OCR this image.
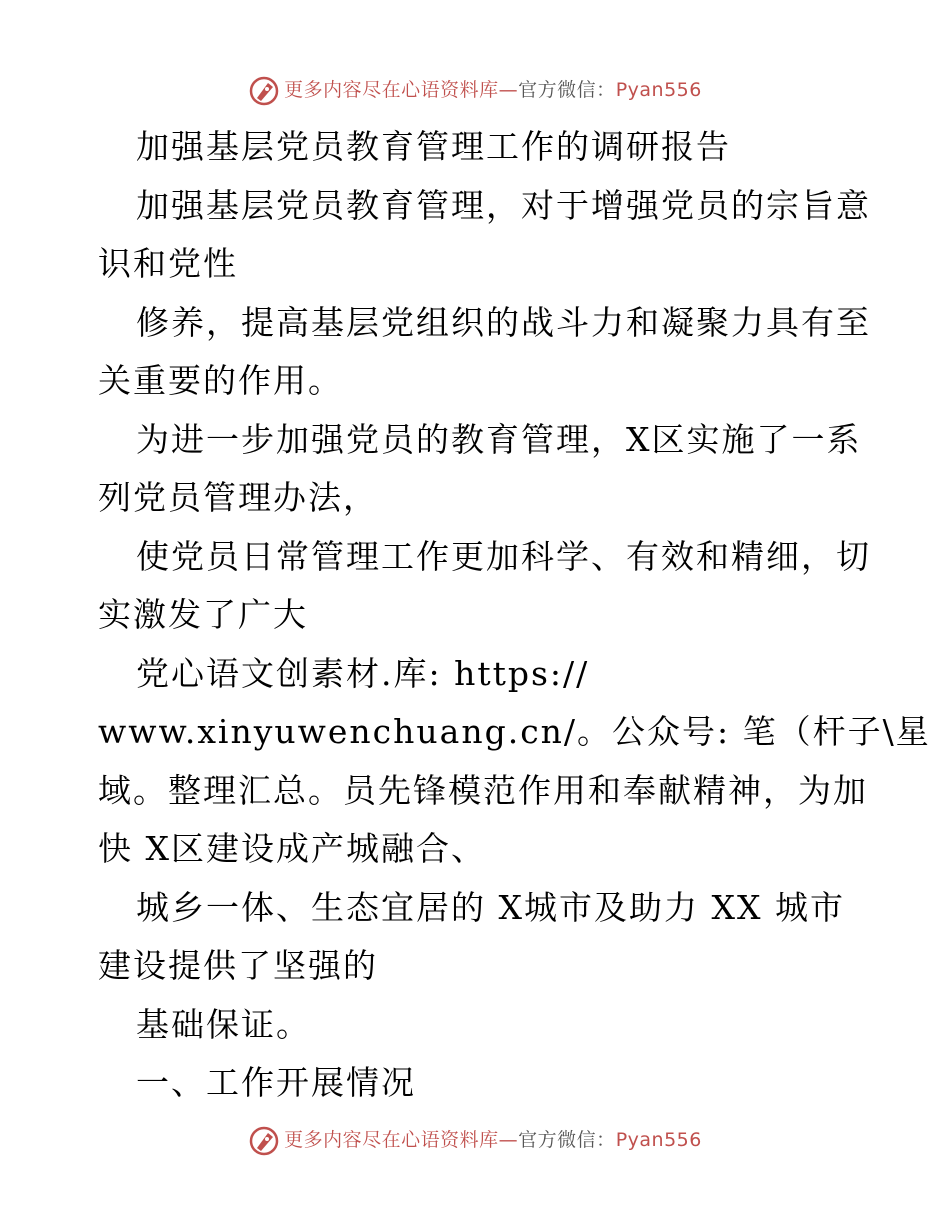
更多内容尽在心语资料库—官方微信：Pyan556
加强基层党员教育管理工作的调研报告
加强基层党员教育管理，对于增强党员的宗旨意
识和党性
修养，提高基层党组织的战斗力和凝聚力具有至
关重要的作用。
为进一步加强党员的教育管理，X区实施了一系
列党员管理办法，
使党员日常管理工作更加科学、有效和精细，切
实激发了广大
党心语文创素材.库: https://
www.xinyuwenchuang.cn/。公众号: 笔（杆子\星
域。整理汇总。员先锋模范作用和奉献精神，为加
快 X区建设成产城融合、
城乡一体、生态宜居的 X城市及助力 XX 城市
建设提供了坚强的
基础保证。
一、工作开展情况
更多内容尽在心语资料库—官方微信：Pyan556
